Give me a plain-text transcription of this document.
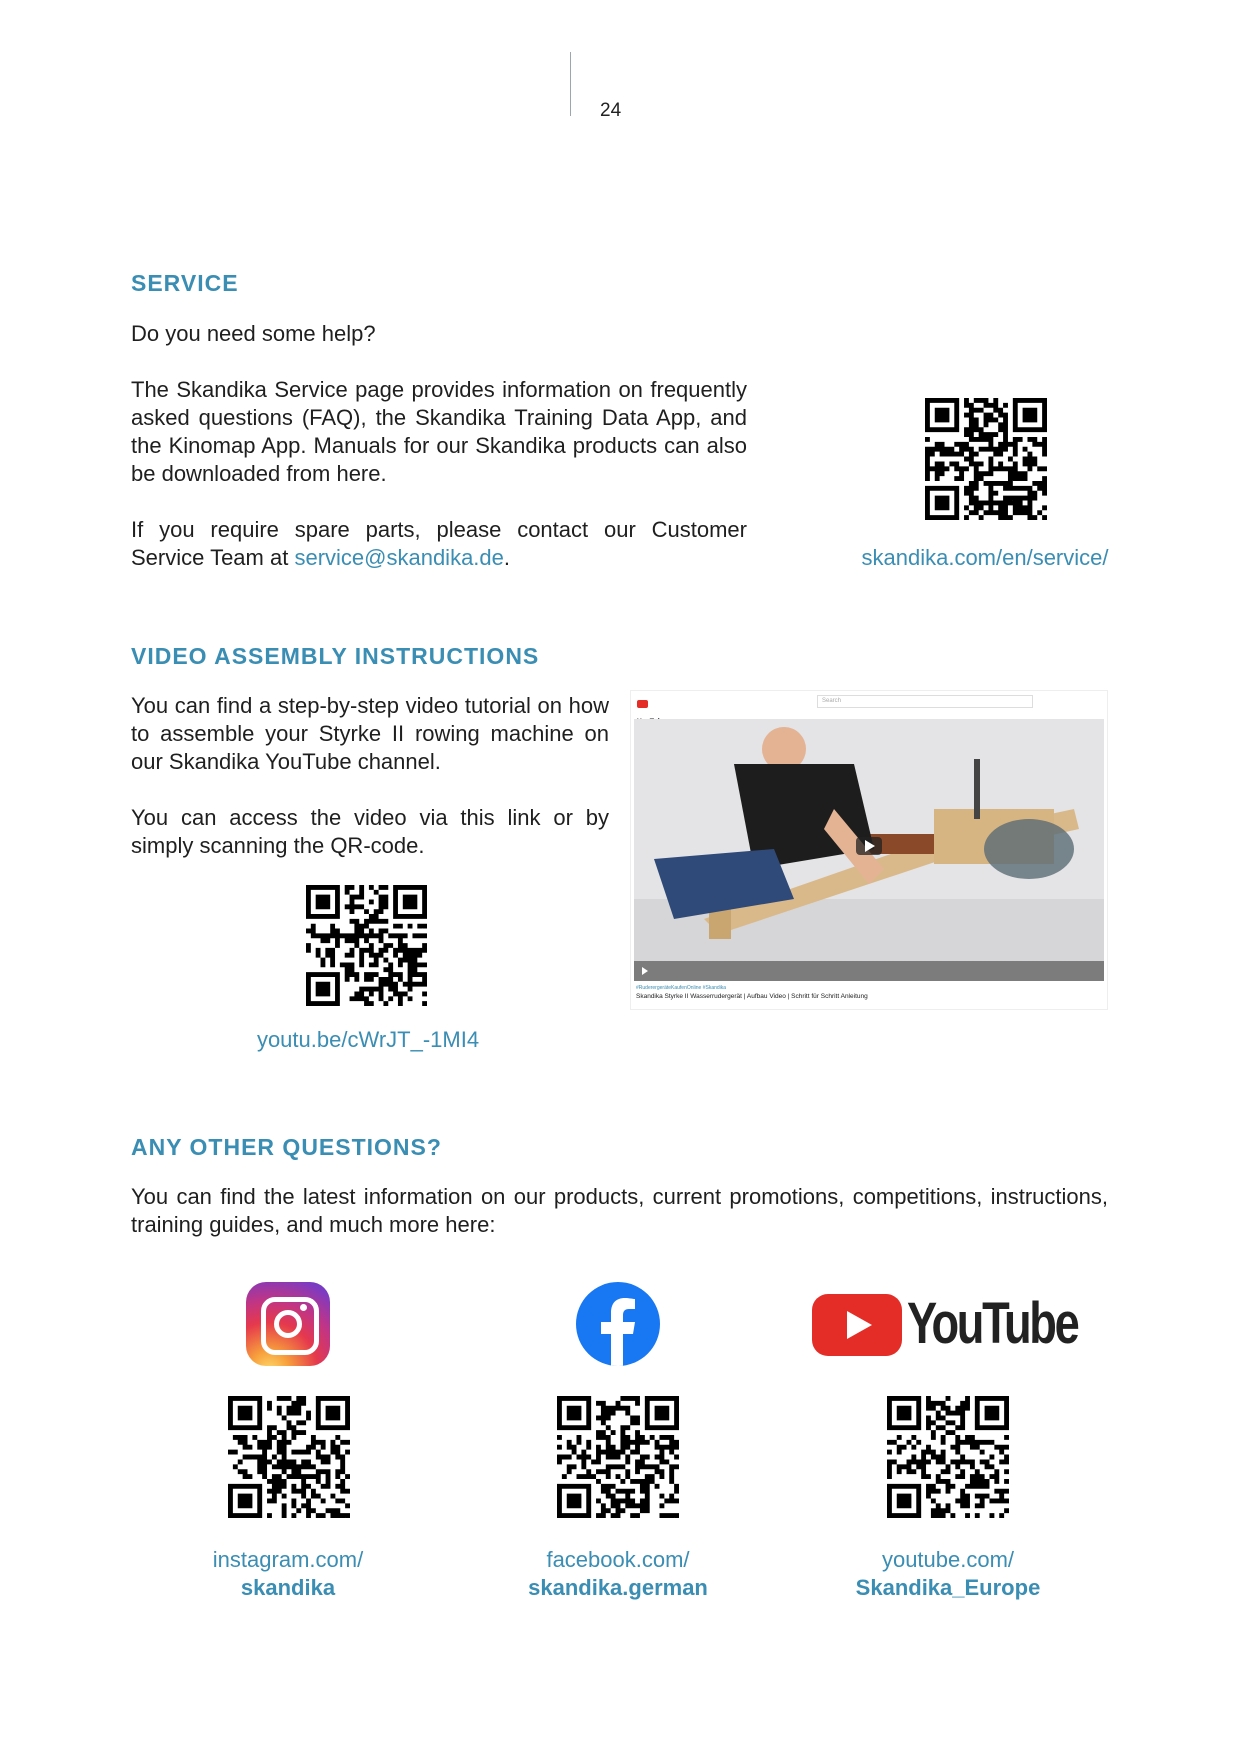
24
SERVICE
Do you need some help?
The Skandika Service page provides information on frequently asked questions (FAQ), the Skandika Training Data App, and the Kinomap App. Manuals for our Skandika products can also be downloaded from here.
If you require spare parts, please contact our Customer Service Team at service@skandika.de.	skandika.com/en/service/
VIDEO ASSEMBLY INSTRUCTIONS
You can find a step-by-step video tutorial on how to assemble your Styrke II rowing machine on our Skandika YouTube channel.
You can access the video via this link or by simply scanning the QR-code.
youtu.be/cWrJT_-1MI4
Search
#RuderergeräteKaufenOnline #Skandika
Skandika Styrke II Wasserrudergerät | Aufbau Video | Schritt für Schritt Anleitung
ANY OTHER QUESTIONS?
You can find the latest information on our products, current promotions, competitions, instructions, training guides, and much more here:
YouTube
instagram.com/
skandika
facebook.com/
skandika.german
youtube.com/
Skandika_Europe
